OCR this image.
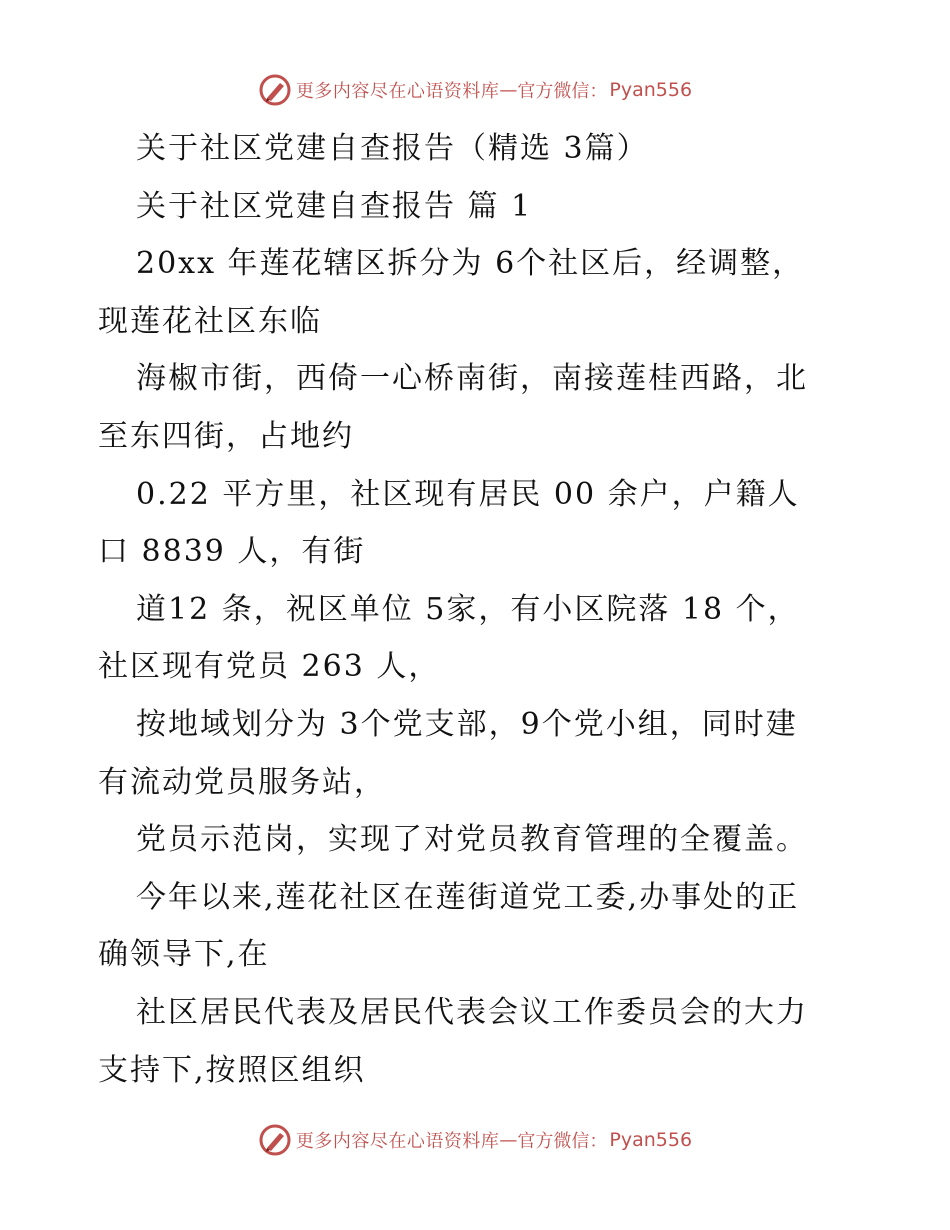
更多内容尽在心语资料库 — 官方微信： Pyan556
关于社区党建自查报告（精选 3篇）
关于社区党建自查报告 篇 1
20xx 年莲花辖区拆分为 6个社区后，经调整，
现莲花社区东临
海椒市街，西倚一心桥南街，南接莲桂西路，北
至东四街，占地约
0.22 平方里，社区现有居民 00 余户，户籍人
口 8839 人，有街
道12 条，祝区单位 5家，有小区院落 18 个，
社区现有党员 263 人，
按地域划分为 3个党支部，9个党小组，同时建
有流动党员服务站，
党员示范岗，实现了对党员教育管理的全覆盖。
今年以来,莲花社区在莲街道党工委,办事处的正
确领导下,在
社区居民代表及居民代表会议工作委员会的大力
支持下,按照区组织
更多内容尽在心语资料库 — 官方微信： Pyan556
